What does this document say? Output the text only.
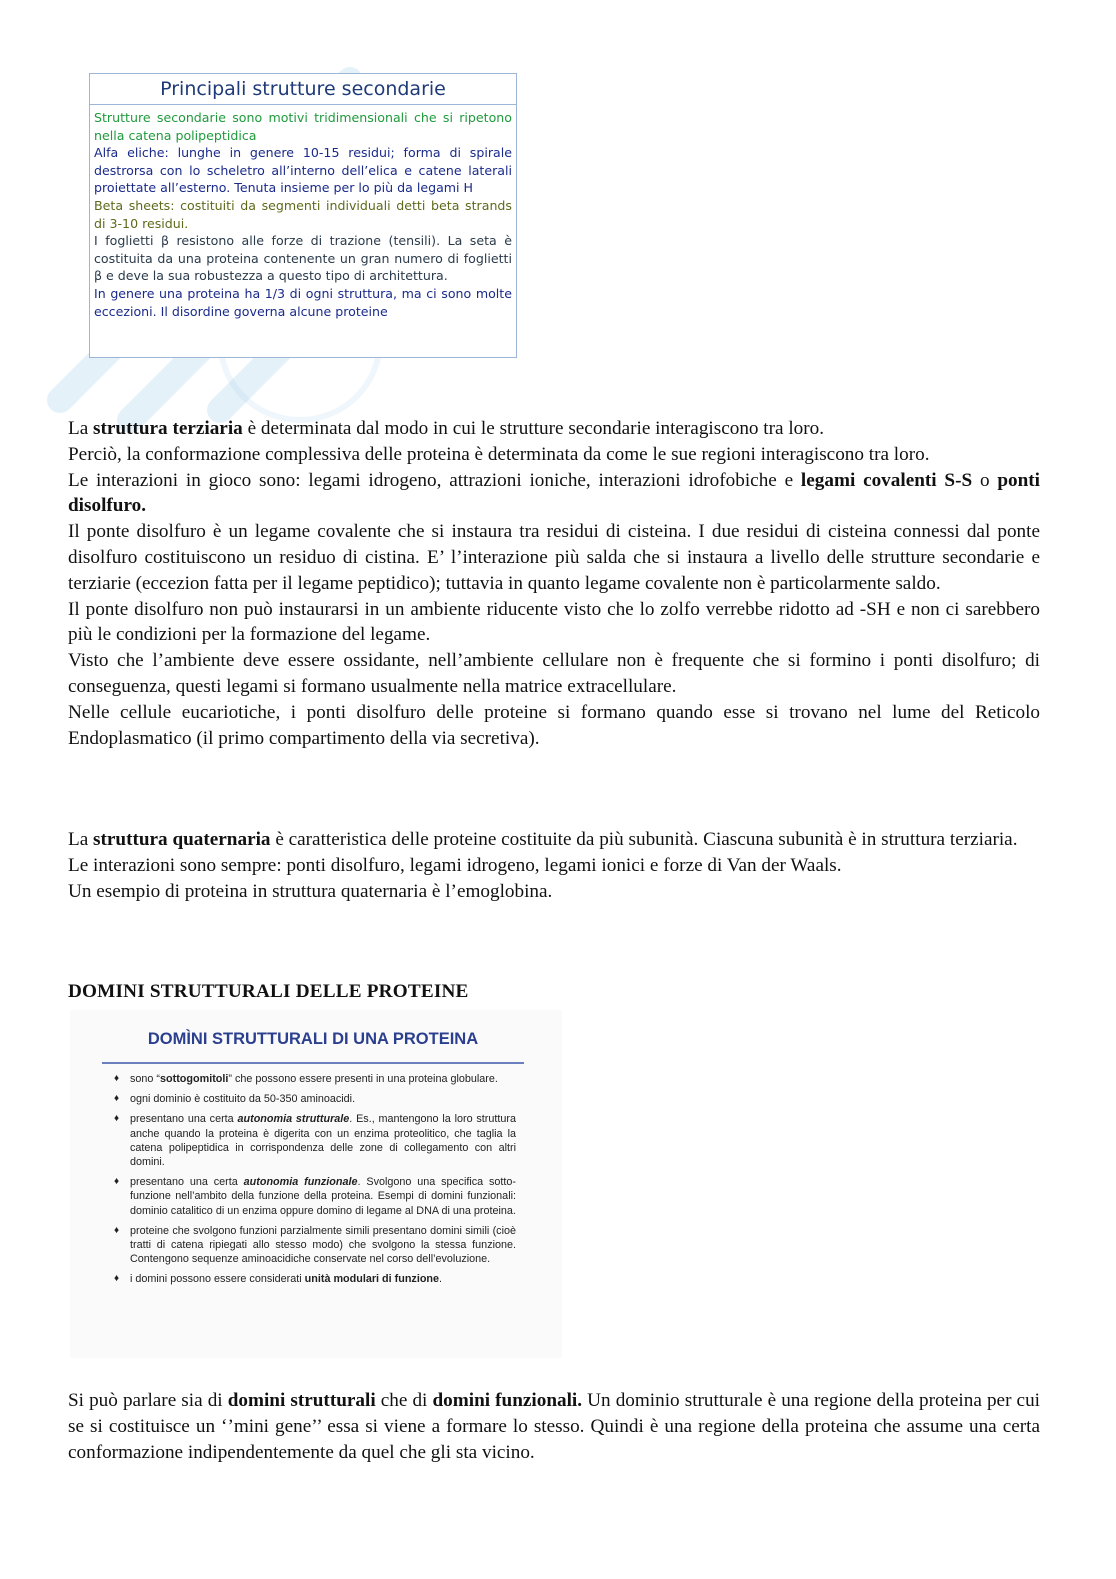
Principali strutture secondarie

Strutture secondarie sono motivi tridimensionali che si ripetono nella catena polipeptidica

Alfa eliche: lunghe in genere 10-15 residui; forma di spirale destrorsa con lo scheletro all’interno dell’elica e catene laterali proiettate all’esterno. Tenuta insieme per lo più da legami H

Beta sheets: costituiti da segmenti individuali detti beta strands di 3-10 residui.

I foglietti β resistono alle forze di trazione (tensili). La seta è costituita da una proteina contenente un gran numero di foglietti β e deve la sua robustezza a questo tipo di architettura.

In genere una proteina ha 1/3 di ogni struttura, ma ci sono molte eccezioni. Il disordine governa alcune proteine

La struttura terziaria è determinata dal modo in cui le strutture secondarie interagiscono tra loro.

Perciò, la conformazione complessiva delle proteina è determinata da come le sue regioni interagiscono tra loro.

Le interazioni in gioco sono: legami idrogeno, attrazioni ioniche, interazioni idrofobiche e legami covalenti S-S o ponti disolfuro.

Il ponte disolfuro è un legame covalente che si instaura tra residui di cisteina. I due residui di cisteina connessi dal ponte disolfuro costituiscono un residuo di cistina. E’ l’interazione più salda che si instaura a livello delle strutture secondarie e terziarie (eccezion fatta per il legame peptidico); tuttavia in quanto legame covalente non è particolarmente saldo.

Il ponte disolfuro non può instaurarsi in un ambiente riducente visto che lo zolfo verrebbe ridotto ad -SH e non ci sarebbero più le condizioni per la formazione del legame.

Visto che l’ambiente deve essere ossidante, nell’ambiente cellulare non è frequente che si formino i ponti disolfuro; di conseguenza, questi legami si formano usualmente nella matrice extracellulare.

Nelle cellule eucariotiche, i ponti disolfuro delle proteine si formano quando esse si trovano nel lume del Reticolo Endoplasmatico (il primo compartimento della via secretiva).

La struttura quaternaria è caratteristica delle proteine costituite da più subunità. Ciascuna subunità è in struttura terziaria.

Le interazioni sono sempre: ponti disolfuro, legami idrogeno, legami ionici e forze di Van der Waals.

Un esempio di proteina in struttura quaternaria è l’emoglobina.

DOMINI STRUTTURALI DELLE PROTEINE
DOMÌNI STRUTTURALI DI UNA PROTEINA
♦ sono “sottogomitoli” che possono essere presenti in una proteina globulare.
♦ ogni dominio è costituito da 50-350 aminoacidi.
♦ presentano una certa autonomia strutturale. Es., mantengono la loro struttura anche quando la proteina è digerita con un enzima proteolitico, che taglia la catena polipeptidica in corrispondenza delle zone di collegamento con altri domini.
♦ presentano una certa autonomia funzionale. Svolgono una specifica sotto-funzione nell’ambito della funzione della proteina. Esempi di domini funzionali: dominio catalitico di un enzima oppure domino di legame al DNA di una proteina.
♦ proteine che svolgono funzioni parzialmente simili presentano domini simili (cioè tratti di catena ripiegati allo stesso modo) che svolgono la stessa funzione. Contengono sequenze aminoacidiche conservate nel corso dell’evoluzione.
♦ i domini possono essere considerati unità modulari di funzione.

Si può parlare sia di domini strutturali che di domini funzionali. Un dominio strutturale è una regione della proteina per cui se si costituisce un ‘’mini gene’’ essa si viene a formare lo stesso. Quindi è una regione della proteina che assume una certa conformazione indipendentemente da quel che gli sta vicino.
